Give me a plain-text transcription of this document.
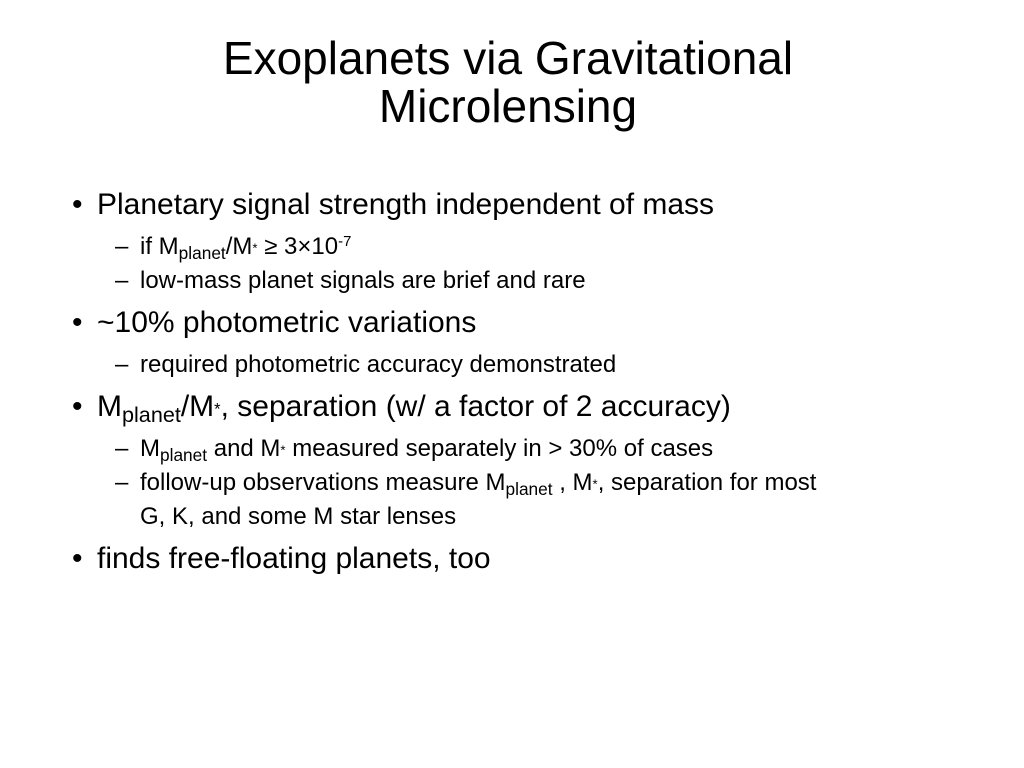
Exoplanets via Gravitational
Microlensing
• Planetary signal strength independent of mass
– if $M_{planet}/M* \ge 3\times 10^{-7}$
– low-mass planet signals are brief and rare
• ~10% photometric variations
– required photometric accuracy demonstrated
• $M_{planet}/M*$, separation (w/ a factor of 2 accuracy)
– $M_{planet}$ and M* measured separately in > 30% of cases
– follow-up observations measure $M_{planet}$ , M*, separation for most
G, K, and some M star lenses
• finds free-floating planets, too
